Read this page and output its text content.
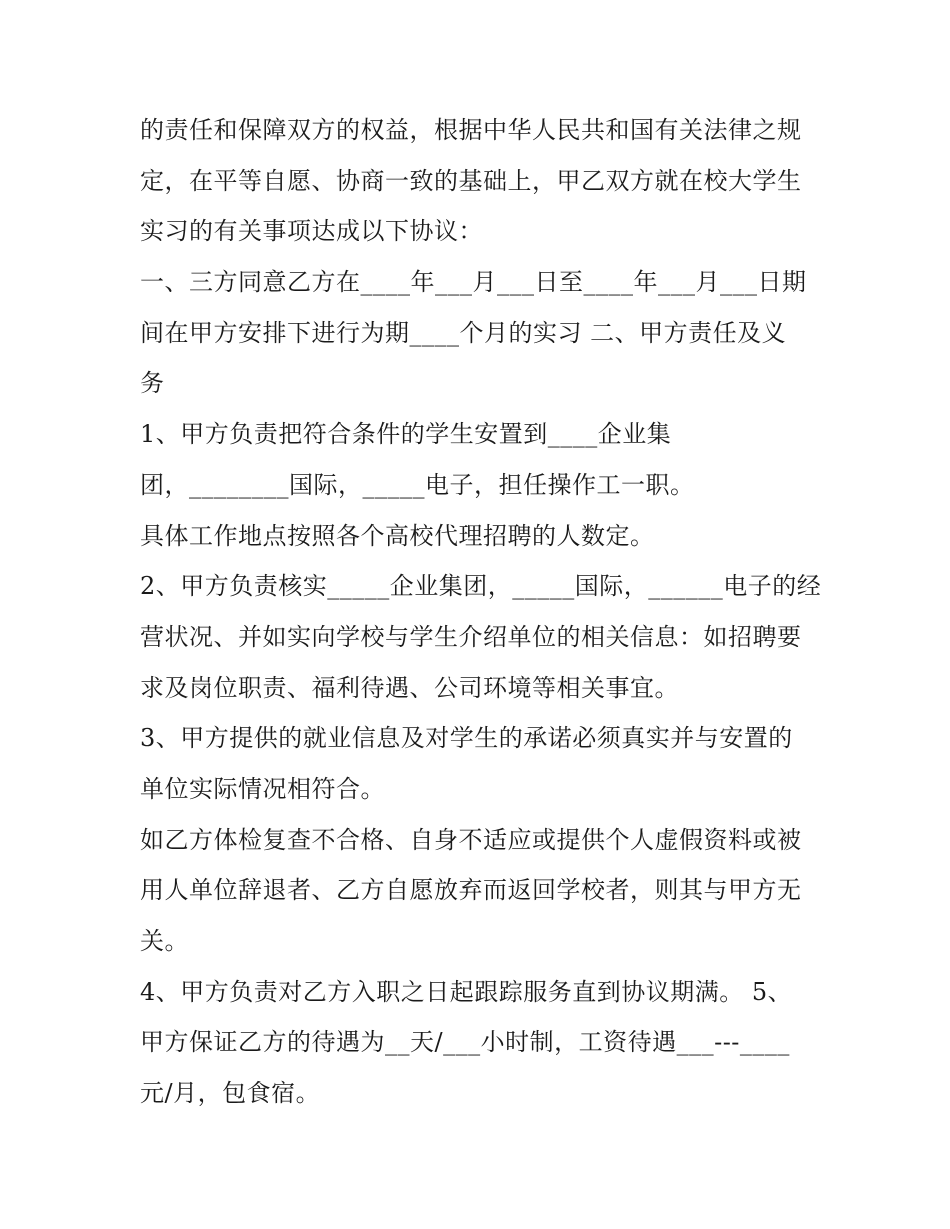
的责任和保障双方的权益，根据中华人民共和国有关法律之规
定，在平等自愿、协商一致的基础上，甲乙双方就在校大学生
实习的有关事项达成以下协议：
一、三方同意乙方在____年___月___日至____年___月___日期
间在甲方安排下进行为期____个月的实习 二、甲方责任及义
务
1、甲方负责把符合条件的学生安置到____企业集
团，________国际，_____电子，担任操作工一职。
具体工作地点按照各个高校代理招聘的人数定。
2、甲方负责核实_____企业集团，_____国际，______电子的经
营状况、并如实向学校与学生介绍单位的相关信息：如招聘要
求及岗位职责、福利待遇、公司环境等相关事宜。
3、甲方提供的就业信息及对学生的承诺必须真实并与安置的
单位实际情况相符合。
如乙方体检复查不合格、自身不适应或提供个人虚假资料或被
用人单位辞退者、乙方自愿放弃而返回学校者，则其与甲方无
关。
4、甲方负责对乙方入职之日起跟踪服务直到协议期满。 5、
甲方保证乙方的待遇为__天/___小时制，工资待遇___---____
元/月，包食宿。
